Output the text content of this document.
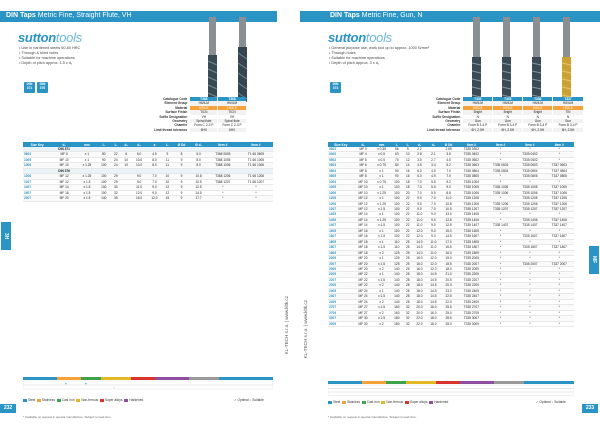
DIN Taps Metric Fine, Straight Flute, VH
suttontools
• Use in hardened steels 50-60 HRC
• Through & blind holes
• Suitable for machine operations
• Depth of pitch approx. 1.5 x d₁
DIN
371
DIN
376
Catalogue Code	T368	T368
Element Group	H6/ILM	H6/ILM
Material	HSS-E	HSS-E
Surface Finish	TiCN	TiCN
Suffix Designation	VH	VH
Geometry	Spiral flute	Spiral flute
Chamfer	Form C 2-3 P	Form C 2-3 P
Limit thread tolerance	6HX	6HX
Size Key	d₁	mm	l₁	l₂	d₂	d₃	a	l₃	Ø Dd	Ø d₁	Item #	Item #
	DIN 371											
0603	MF 6	x 1	80	22	6	6.0	4.9	9	8	5.0	T368 0605	T1 66 0605
1005	MF 10	x 1	90	24	10	10.0	8.0	11	9	8.0	T368 1005	T1 66 1005
1006	MF 10	x 1.25	100	24	10	10.0	8.0	11	9	8.0	T368 1006	T1 66 1006
	DIN 376											
1206	MF 12	x 1.25	100	29		9.0	7.0	10	9	10.8	T368 1206	T1 66 1206
1207	MF 12	x 1.5	100	29		9.0	7.0	10	9	10.5	T368 1207	T1 66 1207
1407	MF 14	x 1.5	100	30		11.0	9.0	12	9	12.5	*	*
1607	MF 16	x 1.5	100	32		12.0	9.0	12	9	14.5	*	*
2007	MF 20	x 1.5	140	35		16.0	12.0	15	9	17.7	*	*
3H
KL-TECH s.r.o. | www.kltk.cz
●	●
○
Steel Stainless Cast iron Non-ferrous Super alloys Hardened	✓ Optimal ○ Suitable
232
* Available on request in special manufacture. Subject to lead time.
DIN Taps Metric Fine, Gun, N
suttontools
• General purpose use, work tool up to approx. 1000 N/mm²
• Through holes
• Suitable for machine operations
• Depth of pitch approx. 3 x d₁
DIN
374
Catalogue Code	T335	T335	T336	T337
Element Group	H6/ILM	H6/ILM	H6/ILM	H6/ILM
Material	HSS-E	HSS-E	HSS-E	HSS-E
Surface Finish	Bright	Bright	Bright	TiN
Suffix Designation	N	N	N	N
Geometry	Gun	Gun	Gun	Gun
Chamfer	Form B 3-4 P	Form B 3-4 P	Form B 3-4 P	Form B 3-4 P
Limit thread tolerance	6H, 2.5H	6H, 2.5H	6H, 2.5H	6H, 2.5H
Size Key	d₁	mm	l₁	l₂	d₂	d₃	Ø Dd	Item #	Item #	Item #	Item #
0302	MF 3	x 0.35	56	9	2.2		2.65	T335 0302	*	*	*
0402	MF 4	x 0.5	63	10	2.8	2.1	3.5	T335 0402	*	T335 0402	*
0502	MF 5	x 0.5	70	12	3.5	2.7	4.5	T335 0502	*	T335 0502	*
0603	MF 6	x 0.75	80	14	4.5	3.4	5.2	T335 0603	T335 0603	T335 0603	T337 0603
0804	MF 8	x 1	90	16	6.0	4.9	7.0	T335 0804	T335 0804	T335 0804	T337 0804
0805	MF 8	x 1	90	16	6.0	4.9	7.0	T335 0805	*	T335 0805	T337 0805
1004	MF 10	x 0.75	100	18	7.0	5.5	9.2	T335 1004	*	*	*
1005	MF 10	x 1	100	18	7.0	5.5	9.0	T335 1005	T335 1005	T335 1005	T337 1005
1006	MF 10	x 1.25	100	20	7.0	5.5	8.8	T335 1006	T335 1006	T335 1006	T337 1006
1205	MF 12	x 1	100	22	9.0	7.0	11.0	T335 1205	*	T335 1205	T337 1205
1206	MF 12	x 1.25	100	22	9.0	7.0	10.8	T335 1206	T335 1206	T335 1206	T337 1206
1207	MF 12	x 1.5	100	22	9.0	7.0	10.5	T335 1207	T335 1207	T335 1207	T337 1207
1405	MF 14	x 1	100	22	11.0	9.0	13.0	T335 1405	*	*	*
1406	MF 14	x 1.25	100	22	11.0	9.0	12.8	T335 1406	*	T335 1406	T337 1406
1407	MF 14	x 1.5	100	22	11.0	9.0	12.5	T335 1407	T335 1407	T335 1407	T337 1407
1605	MF 16	x 1	100	22	12.0	9.0	15.0	T335 1605	*	*	*
1607	MF 16	x 1.5	100	22	12.0	9.0	14.5	T335 1607	*	T335 1607	T337 1607
1805	MF 18	x 1	110	25	14.0	11.0	17.0	T335 1805	*	*	*
1807	MF 18	x 1.5	110	25	14.0	11.0	16.5	T335 1807	*	T335 1807	T337 1807
1809	MF 18	x 2	125	25	14.0	11.0	16.0	T335 1809	*	*	*
2005	MF 20	x 1	125	25	16.0	12.0	19.0	T335 2005	*	*	*
2007	MF 20	x 1.5	125	25	16.0	12.0	18.5	T335 2007	*	T335 2007	T337 2007
2009	MF 20	x 2	140	25	16.0	12.0	18.0	T335 2009	*	*	*
2205	MF 22	x 1	140	28	18.0	14.5	21.0	T335 2205	*	*	*
2207	MF 22	x 1.5	140	28	18.0	14.5	20.5	T335 2207	*	*	*
2209	MF 22	x 2	140	28	18.0	14.5	20.0	T335 2209	*	*	*
2405	MF 24	x 1	140	28	18.0	14.5	23.0	T335 2405	*	*	*
2407	MF 24	x 1.5	140	28	18.0	14.5	22.5	T335 2407	*	*	*
2409	MF 24	x 2	140	28	18.0	14.5	22.0	T335 2409	*	*	*
2707	MF 27	x 1.5	160	32	20.0	16.0	25.5	T335 2707	*	*	*
2709	MF 27	x 2	160	32	20.0	16.0	25.0	T335 2709	*	*	*
3007	MF 30	x 1.5	180	32	22.0	18.0	28.5	T335 3007	*	*	*
3009	MF 30	x 2	180	32	22.0	18.0	28.0	T335 3009	*	*	*
MF
KL-TECH s.r.o. | www.kltk.cz
Steel Stainless Cast iron Non-ferrous Super alloys Hardened	✓ Optimal ○ Suitable
233
* Available on request in special manufacture. Subject to lead time.
